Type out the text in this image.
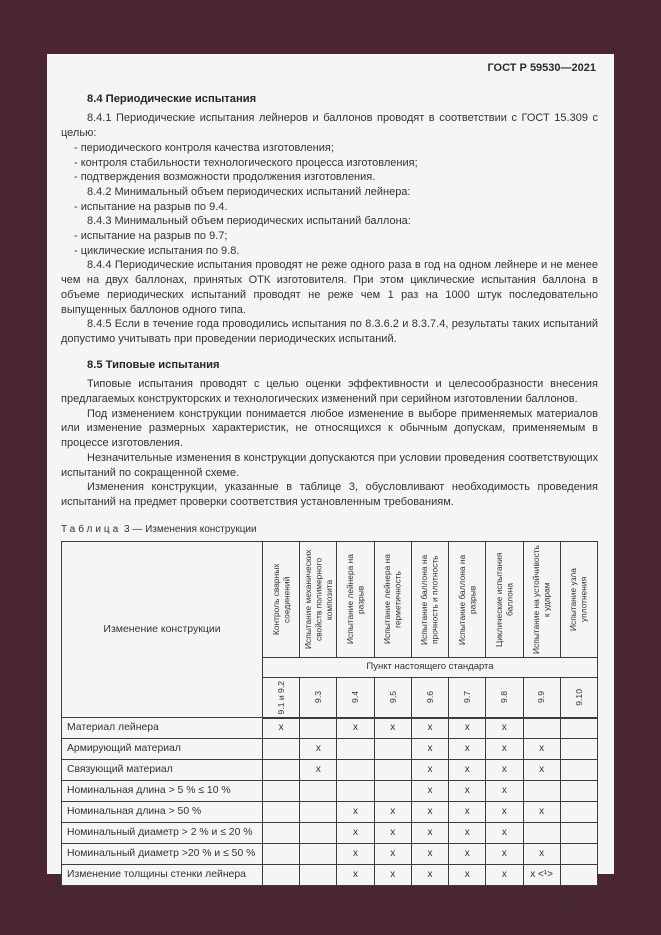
ГОСТ Р 59530—2021
8.4 Периодические испытания

8.4.1 Периодические испытания лейнеров и баллонов проводят в соответствии с ГОСТ 15.309 с целью:

- периодического контроля качества изготовления;

- контроля стабильности технологического процесса изготовления;

- подтверждения возможности продолжения изготовления.

8.4.2 Минимальный объем периодических испытаний лейнера:

- испытание на разрыв по 9.4.

8.4.3 Минимальный объем периодических испытаний баллона:

- испытание на разрыв по 9.7;

- циклические испытания по 9.8.

8.4.4 Периодические испытания проводят не реже одного раза в год на одном лейнере и не менее чем на двух баллонах, принятых ОТК изготовителя. При этом циклические испытания баллона в объеме периодических испытаний проводят не реже чем 1 раз на 1000 штук последовательно выпущенных баллонов одного типа.

8.4.5 Если в течение года проводились испытания по 8.3.6.2 и 8.3.7.4, результаты таких испытаний допустимо учитывать при проведении периодических испытаний.

8.5 Типовые испытания

Типовые испытания проводят с целью оценки эффективности и целесообразности внесения предлагаемых конструкторских и технологических изменений при серийном изготовлении баллонов.

Под изменением конструкции понимается любое изменение в выборе применяемых материалов или изменение размерных характеристик, не относящихся к обычным допускам, применяемым в процессе изготовления.

Незначительные изменения в конструкции допускаются при условии проведения соответствующих испытаний по сокращенной схеме.

Изменения конструкции, указанные в таблице 3, обусловливают необходимость проведения испытаний на предмет проверки соответствия установленным требованиям.

Таблица 3 — Изменения конструкции
Изменение конструкции	Контроль сварных соединений	Испытание механических свойств полимерного композита	Испытание лейнера на разрыв	Испытание лейнера на герметичность	Испытание баллона на прочность и плотность	Испытание баллона на разрыв	Циклические испытания баллона	Испытание на устойчивость к ударам	Испытание узла уплотнения

	Пункт настоящего стандарта								

	9.1 и 9.2	9.3	9.4	9.5	9.6	9.7	9.8	9.9	9.10

Материал лейнера	х		х	х	х	х	х		
Армирующий материал		х			х	х	х	х	
Связующий материал		х			х	х	х	х	
Номинальная длина > 5 % ≤ 10 %					х	х	х		
Номинальная длина > 50 %			х	х	х	х	х	х	
Номинальный диаметр > 2 % и ≤ 20 %			х	х	х	х	х		
Номинальный диаметр >20 % и ≤ 50 %			х	х	х	х	х	х	
Изменение толщины стенки лейнера			х	х	х	х	х	х <¹>	
13
